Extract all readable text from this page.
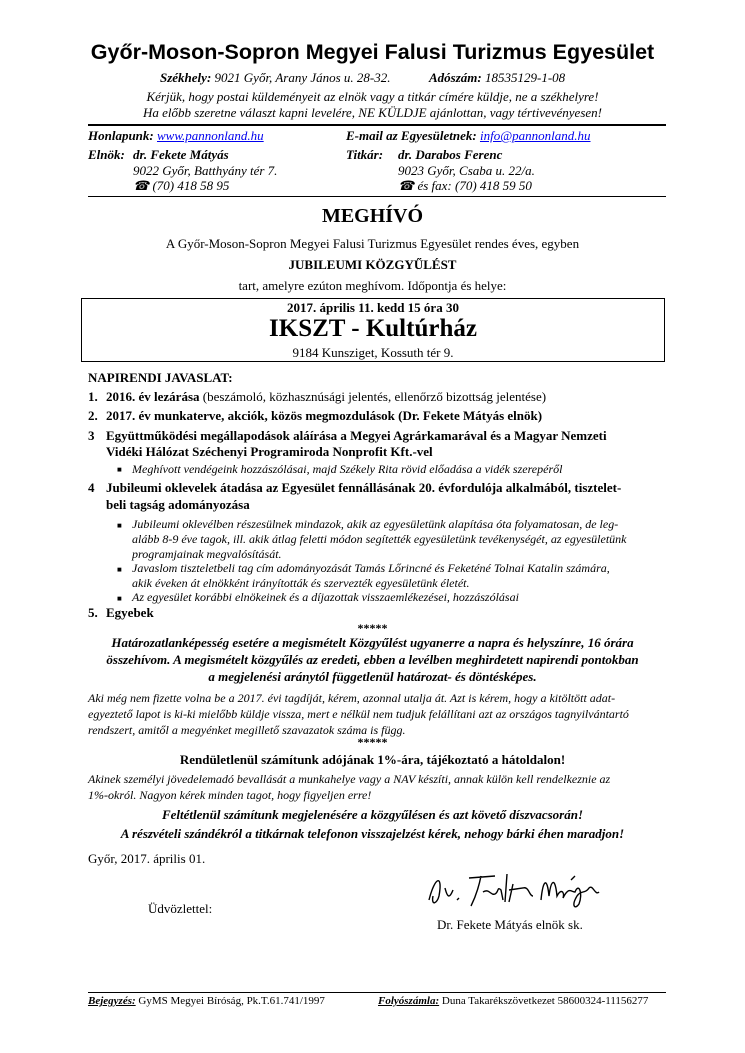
Győr-Moson-Sopron Megyei Falusi Turizmus Egyesület
Székhely: 9021 Győr, Arany János u. 28-32.	Adószám: 18535129-1-08
Kérjük, hogy postai küldeményeit az elnök vagy a titkár címére küldje, ne a székhelyre!
Ha előbb szeretne választ kapni levelére, NE KÜLDJE ajánlottan, vagy tértivevényesen!
Honlapunk: www.pannonland.hu	E-mail az Egyesületnek: info@pannonland.hu
Elnök: dr. Fekete Mátyás
9022 Győr, Batthyány tér 7.
☎ (70) 418 58 95
Titkár: dr. Darabos Ferenc
9023 Győr, Csaba u. 22/a.
☎ és fax: (70) 418 59 50
MEGHÍVÓ
A Győr-Moson-Sopron Megyei Falusi Turizmus Egyesület rendes éves, egyben
JUBILEUMI KÖZGYŰLÉST
tart, amelyre ezúton meghívom. Időpontja és helye:
2017. április 11. kedd 15 óra 30
IKSZT - Kultúrház
9184 Kunsziget, Kossuth tér 9.
NAPIRENDI JAVASLAT:
1. 2016. év lezárása (beszámoló, közhasznúsági jelentés, ellenőrző bizottság jelentése)
2. 2017. év munkaterve, akciók, közös megmozdulások (Dr. Fekete Mátyás elnök)
3 Együttműködési megállapodások aláírása a Megyei Agrárkamarával és a Magyar Nemzeti
Vidéki Hálózat Széchenyi Programiroda Nonprofit Kft.-vel
■ Meghívott vendégeink hozzászólásai, majd Székely Rita rövid előadása a vidék szerepéről
4 Jubileumi oklevelek átadása az Egyesület fennállásának 20. évfordulója alkalmából, tisztelet-
beli tagság adományozása
■ Jubileumi oklevélben részesülnek mindazok, akik az egyesületünk alapítása óta folyamatosan, de leg-
alább 8-9 éve tagok, ill. akik átlag feletti módon segítették egyesületünk tevékenységét, az egyesületünk
programjainak megvalósítását.
■ Javaslom tiszteletbeli tag cím adományozását Tamás Lőrincné és Feketéné Tolnai Katalin számára,
akik éveken át elnökként irányították és szervezték egyesületünk életét.
■ Az egyesület korábbi elnökeinek és a díjazottak visszaemlékezései, hozzászólásai
5. Egyebek
*****
Határozatlanképesség esetére a megismételt Közgyűlést ugyanerre a napra és helyszínre, 16 órára
összehívom. A megismételt közgyűlés az eredeti, ebben a levélben meghirdetett napirendi pontokban
a megjelenési aránytól függetlenül határozat- és döntésképes.
Aki még nem fizette volna be a 2017. évi tagdíját, kérem, azonnal utalja át. Azt is kérem, hogy a kitöltött adat-
egyeztető lapot is ki-ki mielőbb küldje vissza, mert e nélkül nem tudjuk felállítani azt az országos tagnyilvántartó
rendszert, amitől a megyénket megillető szavazatok száma is függ.
*****
Rendületlenül számítunk adójának 1%-ára, tájékoztató a hátoldalon!
Akinek személyi jövedelemadó bevallását a munkahelye vagy a NAV készíti, annak külön kell rendelkeznie az
1%-okról. Nagyon kérek minden tagot, hogy figyeljen erre!
Feltétlenül számítunk megjelenésére a közgyűlésen és azt követő díszvacsorán!
A részvételi szándékról a titkárnak telefonon visszajelzést kérek, nehogy bárki éhen maradjon!
Győr, 2017. április 01.
Üdvözlettel:
Dr. Fekete Mátyás elnök sk.
Bejegyzés: GyMS Megyei Bíróság, Pk.T.61.741/1997	Folyószámla: Duna Takarékszövetkezet 58600324-11156277
